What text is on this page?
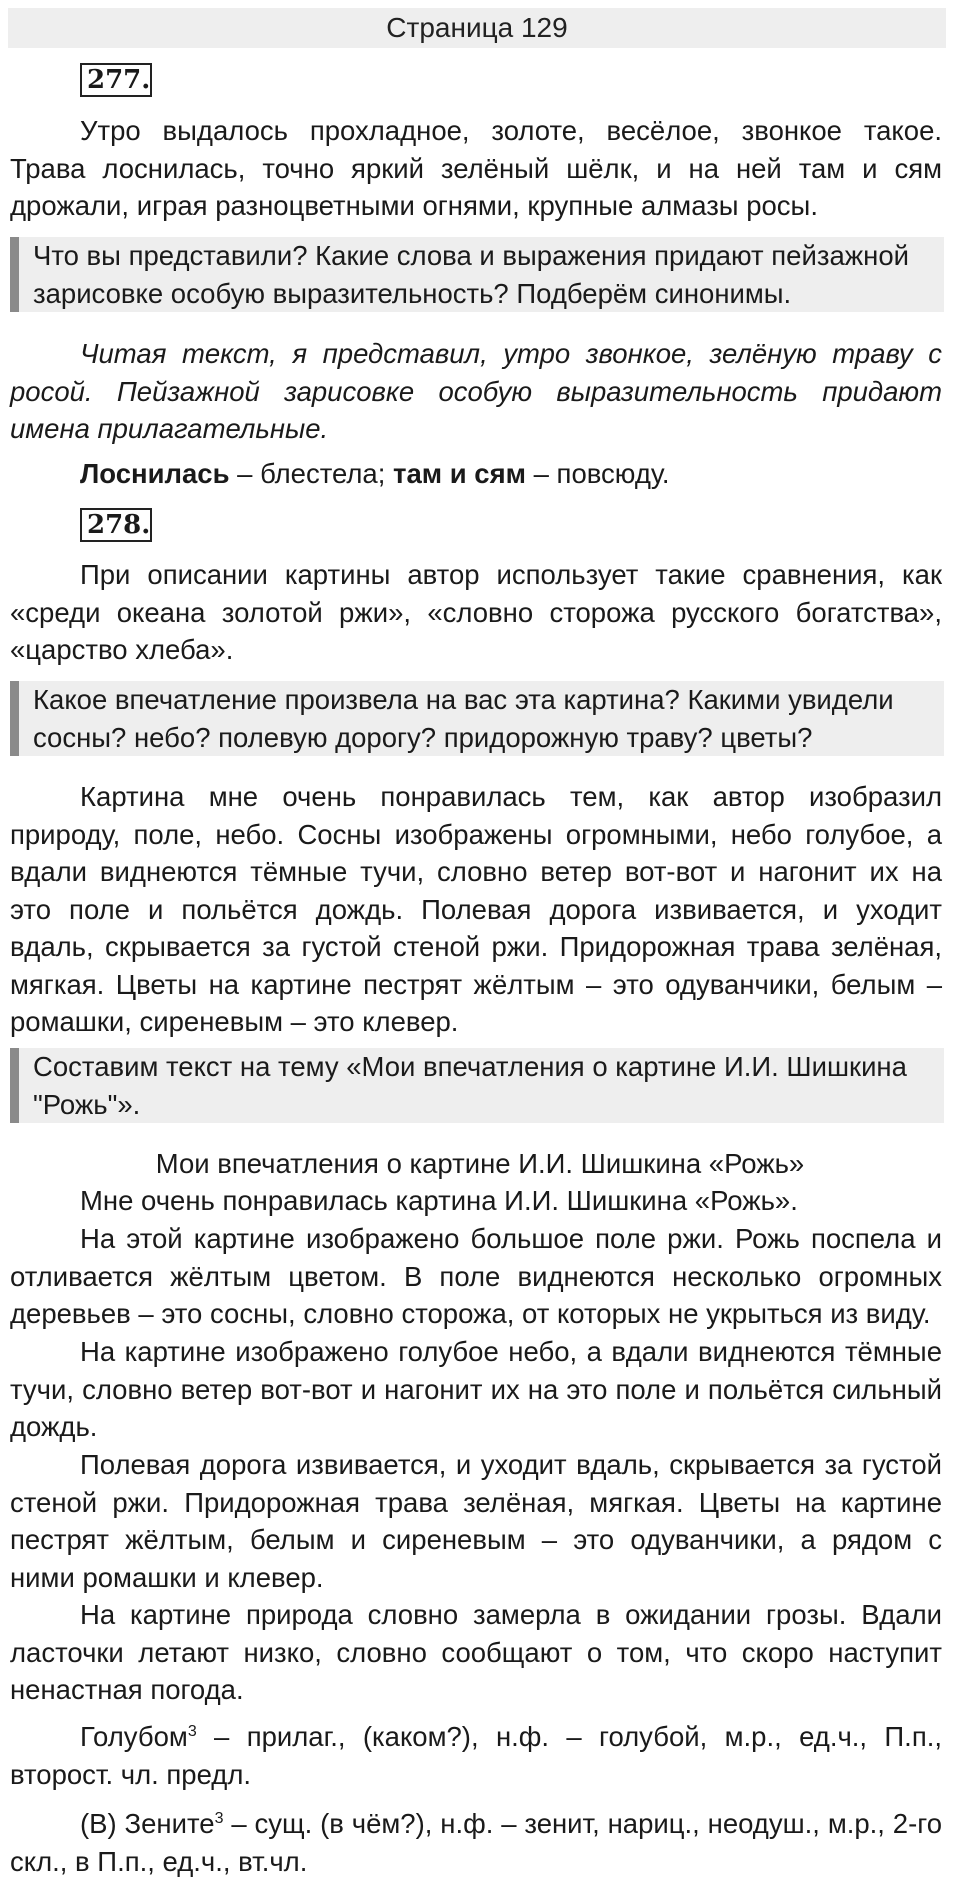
Страница 129
277.
Утро выдалось прохладное, золоте, весёлое, звонкое такое.
Трава лоснилась, точно яркий зелёный шёлк, и на ней там и сям
дрожали, играя разноцветными огнями, крупные алмазы росы.
Что вы представили? Какие слова и выражения придают пейзажной
зарисовке особую выразительность? Подберём синонимы.
Читая текст, я представил, утро звонкое, зелёную траву с
росой. Пейзажной зарисовке особую выразительность придают
имена прилагательные.
Лоснилась – блестела; там и сям – повсюду.
278.
При описании картины автор использует такие сравнения, как
«среди океана золотой ржи», «словно сторожа русского богатства»,
«царство хлеба».
Какое впечатление произвела на вас эта картина? Какими увидели
сосны? небо? полевую дорогу? придорожную траву? цветы?
Картина мне очень понравилась тем, как автор изобразил
природу, поле, небо. Сосны изображены огромными, небо голубое, а
вдали виднеются тёмные тучи, словно ветер вот-вот и нагонит их на
это поле и польётся дождь. Полевая дорога извивается, и уходит
вдаль, скрывается за густой стеной ржи. Придорожная трава зелёная,
мягкая. Цветы на картине пестрят жёлтым – это одуванчики, белым –
ромашки, сиреневым – это клевер.
Составим текст на тему «Мои впечатления о картине И.И. Шишкина
"Рожь"».
Мои впечатления о картине И.И. Шишкина «Рожь»
Мне очень понравилась картина И.И. Шишкина «Рожь».
На этой картине изображено большое поле ржи. Рожь поспела и
отливается жёлтым цветом. В поле виднеются несколько огромных
деревьев – это сосны, словно сторожа, от которых не укрыться из виду.
На картине изображено голубое небо, а вдали виднеются тёмные
тучи, словно ветер вот-вот и нагонит их на это поле и польётся сильный
дождь.
Полевая дорога извивается, и уходит вдаль, скрывается за густой
стеной ржи. Придорожная трава зелёная, мягкая. Цветы на картине
пестрят жёлтым, белым и сиреневым – это одуванчики, а рядом с
ними ромашки и клевер.
На картине природа словно замерла в ожидании грозы. Вдали
ласточки летают низко, словно сообщают о том, что скоро наступит
ненастная погода.
Голубом$^3$ – прилаг., (каком?), н.ф. – голубой, м.р., ед.ч., П.п.,
второст. чл. предл.
(В) Зените$^3$ – сущ. (в чём?), н.ф. – зенит, нариц., неодуш., м.р., 2-го
скл., в П.п., ед.ч., вт.чл.
